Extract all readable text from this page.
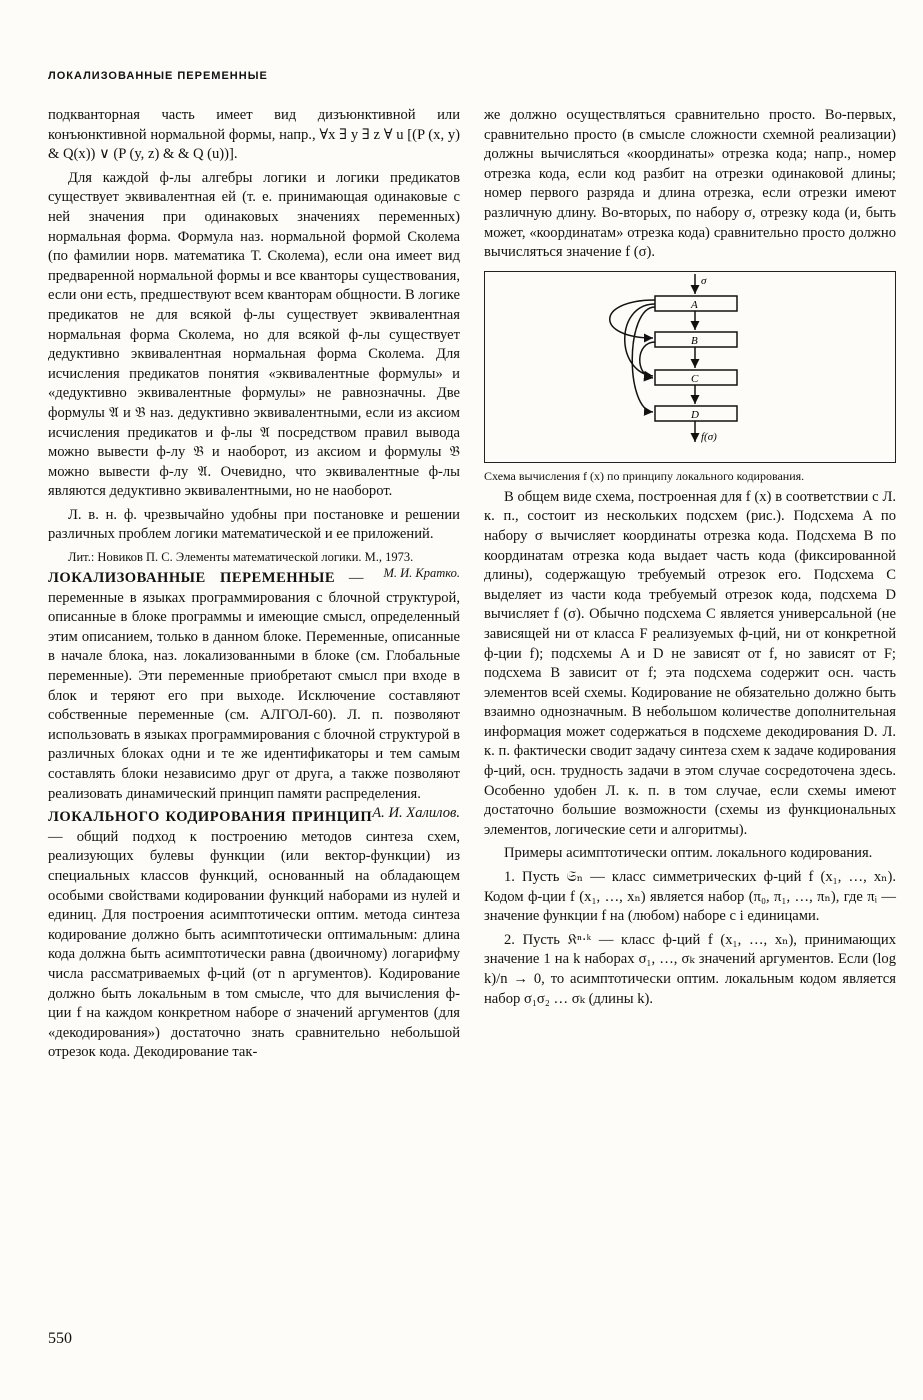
ЛОКАЛИЗОВАННЫЕ ПЕРЕМЕННЫЕ

подкванторная часть имеет вид дизъюнктивной или конъюнктивной нормальной формы, напр., ∀x ∃ y ∃ z ∀ u [(P (x, y) & Q(x)) ∨ (P (y, z) & & Q (u))].

Для каждой ф-лы алгебры логики и логики предикатов существует эквивалентная ей (т. е. принимающая одинаковые с ней значения при одинаковых значениях переменных) нормальная форма. Формула наз. нормальной формой Сколема (по фамилии норв. математика Т. Сколема), если она имеет вид предваренной нормальной формы и все кванторы существования, если они есть, предшествуют всем кванторам общности. В логике предикатов не для всякой ф-лы существует эквивалентная нормальная форма Сколема, но для всякой ф-лы существует дедуктивно эквивалентная нормальная форма Сколема. Для исчисления предикатов понятия «эквивалентные формулы» и «дедуктивно эквивалентные формулы» не равнозначны. Две формулы 𝔄 и 𝔅 наз. дедуктивно эквивалентными, если из аксиом исчисления предикатов и ф-лы 𝔄 посредством правил вывода можно вывести ф-лу 𝔅 и наоборот, из аксиом и формулы 𝔅 можно вывести ф-лу 𝔄. Очевидно, что эквивалентные ф-лы являются дедуктивно эквивалентными, но не наоборот.

Л. в. н. ф. чрезвычайно удобны при постановке и решении различных проблем логики математической и ее приложений.

Лит.: Новиков П. С. Элементы математической логики. М., 1973.
М. И. Кратко.

ЛОКАЛИЗОВАННЫЕ ПЕРЕМЕННЫЕ — переменные в языках программирования с блочной структурой, описанные в блоке программы и имеющие смысл, определенный этим описанием, только в данном блоке. Переменные, описанные в начале блока, наз. локализованными в блоке (см. Глобальные переменные). Эти переменные приобретают смысл при входе в блок и теряют его при выходе. Исключение составляют собственные переменные (см. АЛГОЛ-60). Л. п. позволяют использовать в языках программирования с блочной структурой в различных блоках одни и те же идентификаторы и тем самым составлять блоки независимо друг от друга, а также позволяют реализовать динамический принцип памяти распределения.
А. И. Халилов.

ЛОКАЛЬНОГО КОДИРОВАНИЯ ПРИНЦИП — общий подход к построению методов синтеза схем, реализующих булевы функции (или вектор-функции) из специальных классов функций, основанный на обладающем особыми свойствами кодировании функций наборами из нулей и единиц. Для построения асимптотически оптим. метода синтеза кодирование должно быть асимптотически оптимальным: длина кода должна быть асимптотически равна (двоичному) логарифму числа рассматриваемых ф-ций (от n аргументов). Кодирование должно быть локальным в том смысле, что для вычисления ф-ции f на каждом конкретном наборе σ значений аргументов (для «декодирования») достаточно знать сравнительно небольшой отрезок кода. Декодирование так-

же должно осуществляться сравнительно просто. Во-первых, сравнительно просто (в смысле сложности схемной реализации) должны вычисляться «координаты» отрезка кода; напр., номер отрезка кода, если код разбит на отрезки одинаковой длины; номер первого разряда и длина отрезка, если отрезки имеют различную длину. Во-вторых, по набору σ, отрезку кода (и, быть может, «координатам» отрезка кода) сравнительно просто должно вычисляться значение f (σ).

σ
A
B
C
D
f(σ)

Схема вычисления f (x) по принципу локального кодирования.

В общем виде схема, построенная для f (x) в соответствии с Л. к. п., состоит из нескольких подсхем (рис.). Подсхема A по набору σ вычисляет координаты отрезка кода. Подсхема B по координатам отрезка кода выдает часть кода (фиксированной длины), содержащую требуемый отрезок его. Подсхема C выделяет из части кода требуемый отрезок кода, подсхема D вычисляет f (σ). Обычно подсхема C является универсальной (не зависящей ни от класса F реализуемых ф-ций, ни от конкретной ф-ции f); подсхемы A и D не зависят от f, но зависят от F; подсхема B зависит от f; эта подсхема содержит осн. часть элементов всей схемы. Кодирование не обязательно должно быть взаимно однозначным. В небольшом количестве дополнительная информация может содержаться в подсхеме декодирования D. Л. к. п. фактически сводит задачу синтеза схем к задаче кодирования ф-ций, осн. трудность задачи в этом случае сосредоточена здесь. Особенно удобен Л. к. п. в том случае, если схемы имеют достаточно большие возможности (схемы из функциональных элементов, логические сети и алгоритмы).

Примеры асимптотически оптим. локального кодирования.

1. Пусть 𝔖ₙ — класс симметрических ф-ций f (x₁, …, xₙ). Кодом ф-ции f (x₁, …, xₙ) является набор (π₀, π₁, …, πₙ), где πᵢ — значение функции f на (любом) наборе с i единицами.

2. Пусть 𝔎ⁿ·ᵏ — класс ф-ций f (x₁, …, xₙ), принимающих значение 1 на k наборах σ₁, …, σₖ значений аргументов. Если (log k)/n → 0, то асимптотически оптим. локальным кодом является набор σ₁σ₂ … σₖ (длины k).

550
